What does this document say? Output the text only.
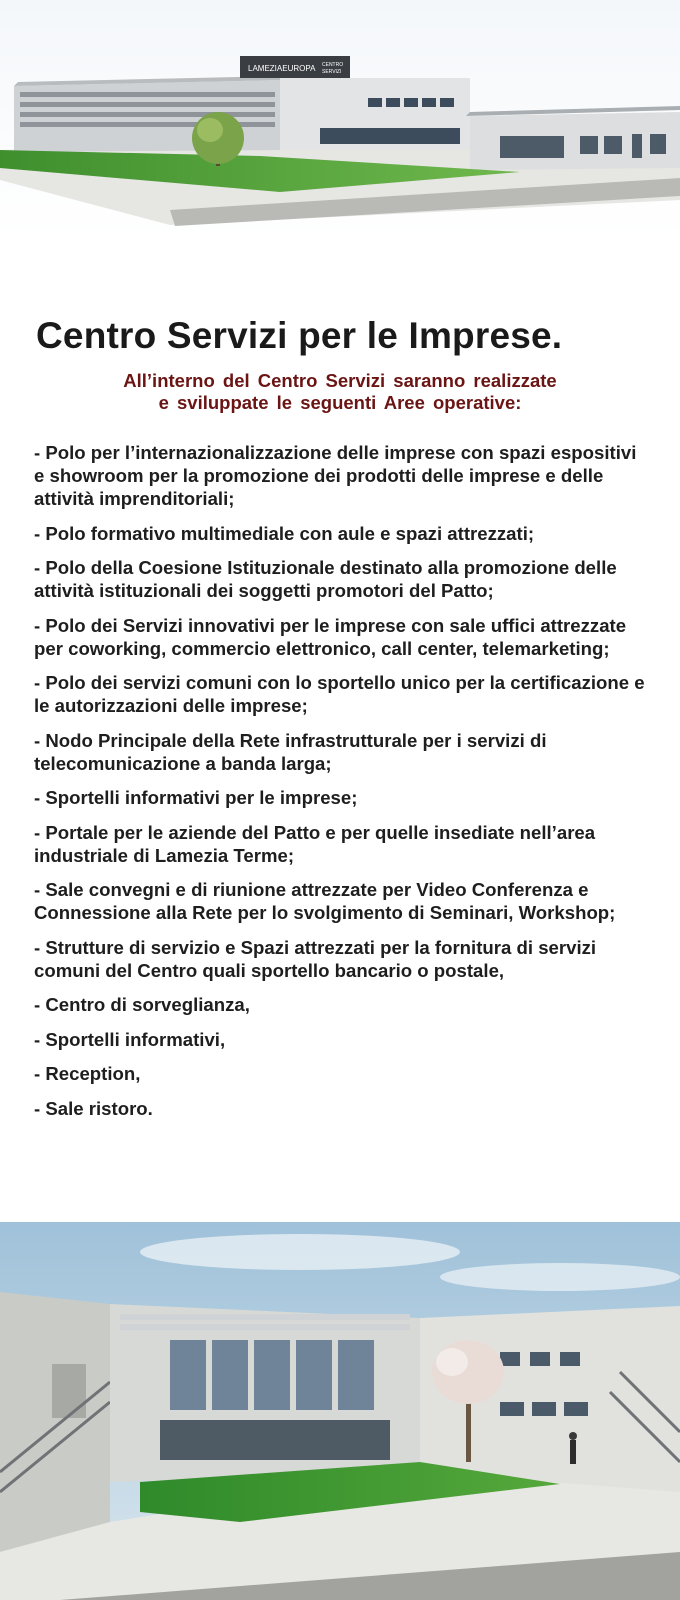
LAMEZIAEUROPA CENTRO
SERVIZI
Centro Servizi per le Imprese.
All’interno del Centro Servizi saranno realizzate
e sviluppate le seguenti Aree operative:
- Polo per l’internazionalizzazione delle imprese con spazi espositivi e showroom per la promozione dei prodotti delle imprese e delle attività imprenditoriali;
- Polo formativo multimediale con aule e spazi attrezzati;
- Polo della Coesione Istituzionale destinato alla promozione delle attività istituzionali dei soggetti promotori del Patto;
- Polo dei Servizi innovativi per le imprese con sale uffici attrezzate per coworking, commercio elettronico, call center, telemarketing;
- Polo dei servizi comuni con lo sportello unico per la certificazione e le autorizzazioni delle imprese;
- Nodo Principale della Rete infrastrutturale per i servizi di telecomunicazione a banda larga;
- Sportelli informativi per le imprese;
- Portale per le aziende del Patto e per quelle insediate nell’area industriale di Lamezia Terme;
- Sale convegni e di riunione attrezzate per Video Conferenza e Connessione alla Rete per lo svolgimento di Seminari, Workshop;
- Strutture di servizio e Spazi attrezzati per la fornitura di servizi comuni del Centro quali sportello bancario o postale,
- Centro di sorveglianza,
- Sportelli informativi,
- Reception,
- Sale ristoro.
